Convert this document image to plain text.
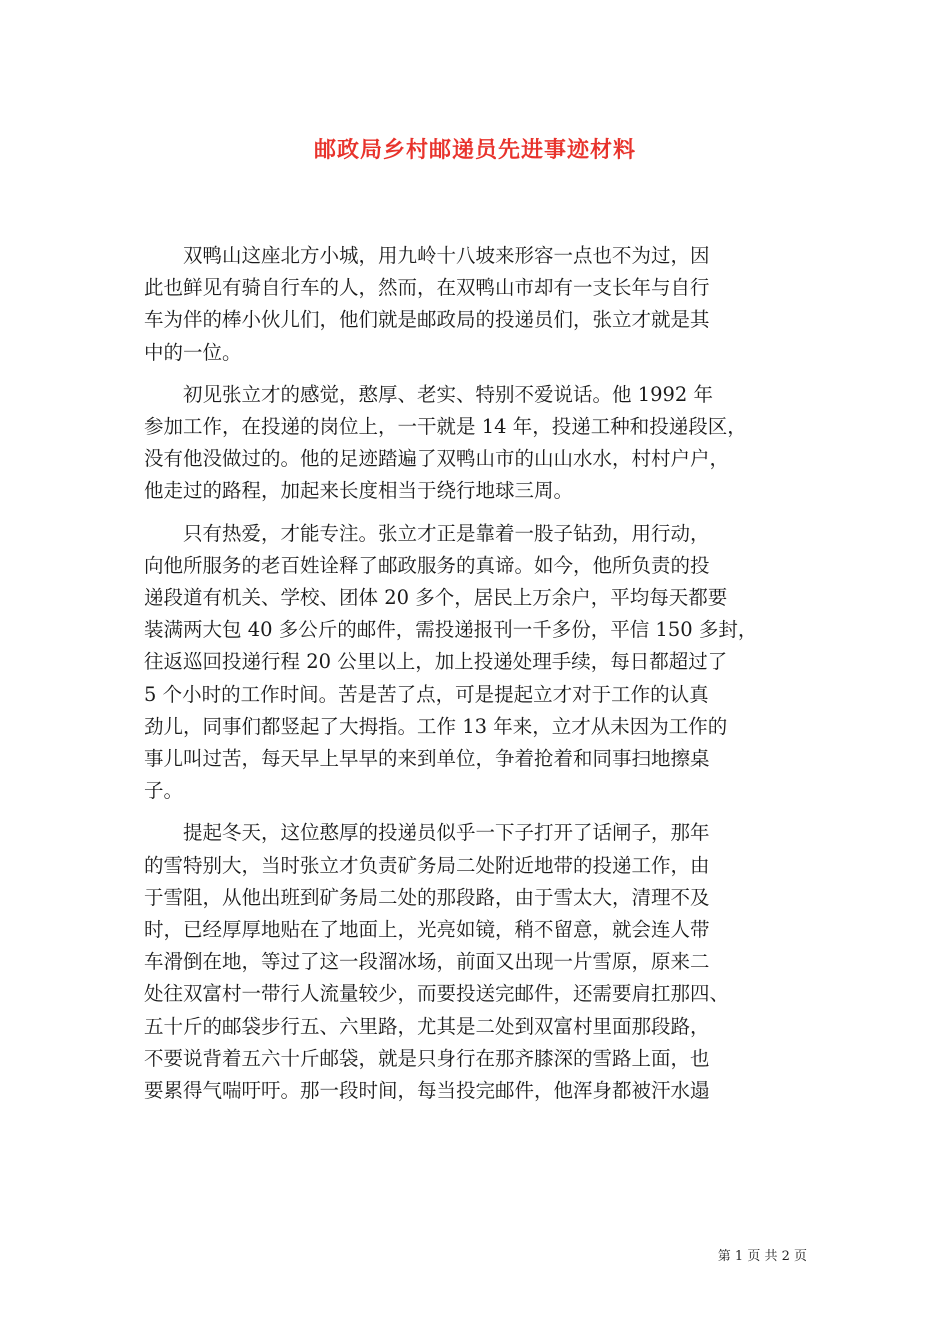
邮政局乡村邮递员先进事迹材料
　　双鸭山这座北方小城，用九岭十八坡来形容一点也不为过，因
此也鲜见有骑自行车的人，然而，在双鸭山市却有一支长年与自行
车为伴的棒小伙儿们，他们就是邮政局的投递员们，张立才就是其
中的一位。
　　初见张立才的感觉，憨厚、老实、特别不爱说话。他 1992 年
参加工作，在投递的岗位上，一干就是 14 年，投递工种和投递段区，
没有他没做过的。他的足迹踏遍了双鸭山市的山山水水，村村户户，
他走过的路程，加起来长度相当于绕行地球三周。
　　只有热爱，才能专注。张立才正是靠着一股子钻劲，用行动，
向他所服务的老百姓诠释了邮政服务的真谛。如今，他所负责的投
递段道有机关、学校、团体 20 多个，居民上万余户，平均每天都要
装满两大包 40 多公斤的邮件，需投递报刊一千多份，平信 150 多封，
往返巡回投递行程 20 公里以上，加上投递处理手续，每日都超过了
5 个小时的工作时间。苦是苦了点，可是提起立才对于工作的认真
劲儿，同事们都竖起了大拇指。工作 13 年来，立才从未因为工作的
事儿叫过苦，每天早上早早的来到单位，争着抢着和同事扫地擦桌
子。
　　提起冬天，这位憨厚的投递员似乎一下子打开了话闸子，那年
的雪特别大，当时张立才负责矿务局二处附近地带的投递工作，由
于雪阻，从他出班到矿务局二处的那段路，由于雪太大，清理不及
时，已经厚厚地贴在了地面上，光亮如镜，稍不留意，就会连人带
车滑倒在地，等过了这一段溜冰场，前面又出现一片雪原，原来二
处往双富村一带行人流量较少，而要投送完邮件，还需要肩扛那四、
五十斤的邮袋步行五、六里路，尤其是二处到双富村里面那段路，
不要说背着五六十斤邮袋，就是只身行在那齐膝深的雪路上面，也
要累得气喘吁吁。那一段时间，每当投完邮件，他浑身都被汗水遢
第 1 页 共 2 页
